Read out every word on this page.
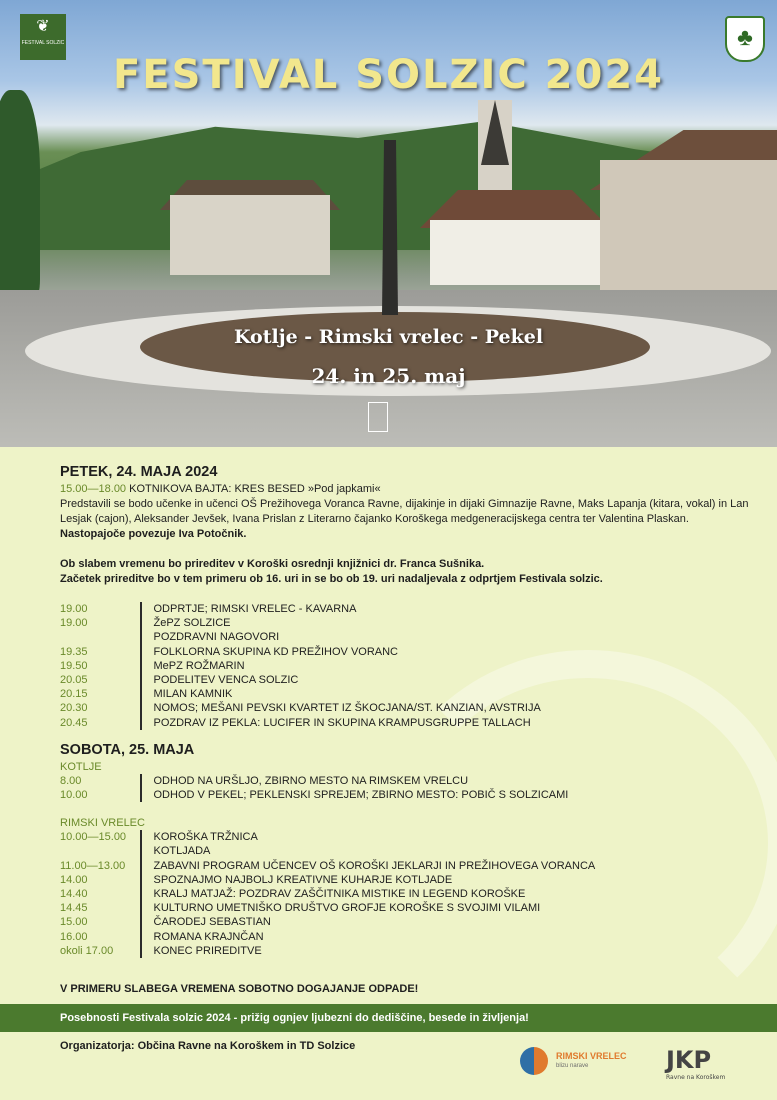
❦
FESTIVAL SOLZIC	♣
FESTIVAL SOLZIC 2024
Kotlje - Rimski vrelec - Pekel
24. in 25. maj
PETEK, 24. MAJA 2024

15.00—18.00 KOTNIKOVA BAJTA: KRES BESED »Pod japkami«

Predstavili se bodo učenke in učenci OŠ Prežihovega Voranca Ravne, dijakinje in dijaki Gimnazije Ravne, Maks Lapanja (kitara, vokal) in Lan Lesjak (cajon), Aleksander Jevšek, Ivana Prislan z Literarno čajanko Koroškega medgeneracijskega centra ter Valentina Plaskan. Nastopajoče povezuje Iva Potočnik.

Ob slabem vremenu bo prireditev v Koroški osrednji knjižnici dr. Franca Sušnika.

Začetek prireditve bo v tem primeru ob 16. uri in se bo ob 19. uri nadaljevala z odprtjem Festivala solzic.

19.00	ODPRTJE; RIMSKI VRELEC - KAVARNA
19.00	ŽePZ SOLZICE
POZDRAVNI NAGOVORI
19.35	FOLKLORNA SKUPINA KD PREŽIHOV VORANC
19.50	MePZ ROŽMARIN
20.05	PODELITEV VENCA SOLZIC
20.15	MILAN KAMNIK
20.30	NOMOS; MEŠANI PEVSKI KVARTET IZ ŠKOCJANA/ST. KANZIAN, AVSTRIJA
20.45	POZDRAV IZ PEKLA: LUCIFER IN SKUPINA KRAMPUSGRUPPE TALLACH
SOBOTA, 25. MAJA
KOTLJE
8.00	ODHOD NA URŠLJO, ZBIRNO MESTO NA RIMSKEM VRELCU
10.00	ODHOD V PEKEL; PEKLENSKI SPREJEM; ZBIRNO MESTO: POBIČ S SOLZICAMI
RIMSKI VRELEC
10.00—15.00	KOROŠKA TRŽNICA
KOTLJADA
11.00—13.00	ZABAVNI PROGRAM UČENCEV OŠ KOROŠKI JEKLARJI IN PREŽIHOVEGA VORANCA
14.00	SPOZNAJMO NAJBOLJ KREATIVNE KUHARJE KOTLJADE
14.40	KRALJ MATJAŽ: POZDRAV ZAŠČITNIKA MISTIKE IN LEGEND KOROŠKE
14.45	KULTURNO UMETNIŠKO DRUŠTVO GROFJE KOROŠKE S SVOJIMI VILAMI
15.00	ČARODEJ SEBASTIAN
16.00	ROMANA KRAJNČAN
okoli 17.00	KONEC PRIREDITVE
V PRIMERU SLABEGA VREMENA SOBOTNO DOGAJANJE ODPADE!
Posebnosti Festivala solzic 2024 - prižig ognjev ljubezni do dediščine, besede in življenja!
Organizatorja: Občina Ravne na Koroškem in TD Solzice
RIMSKI VRELEC
blizu narave	JKP
Ravne na Koroškem
